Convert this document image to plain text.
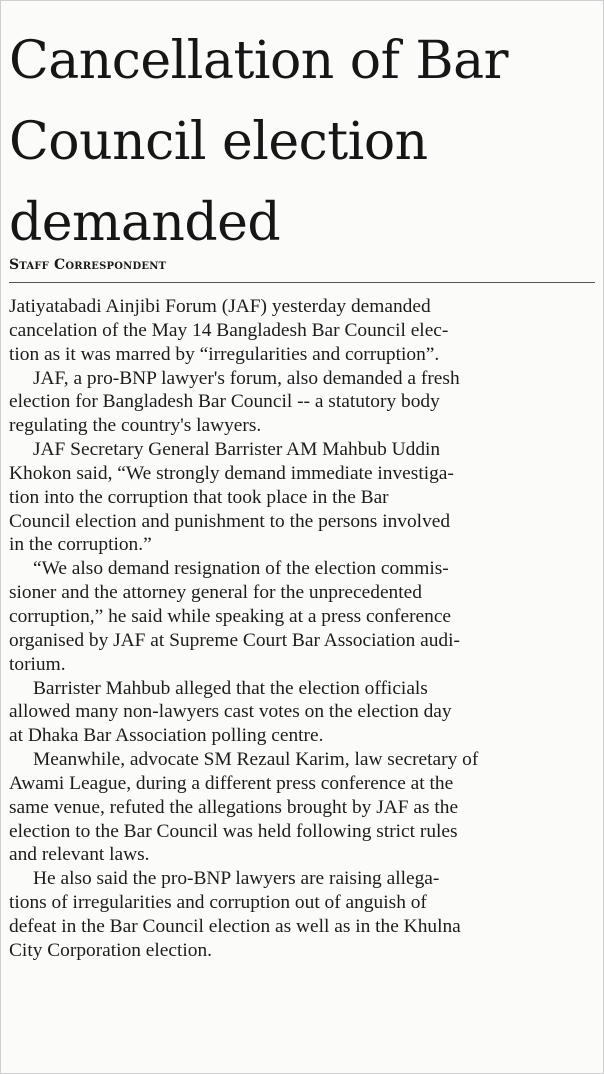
Cancellation of Bar
Council election
demanded
Staff Correspondent

Jatiyatabadi Ainjibi Forum (JAF) yesterday demanded
cancelation of the May 14 Bangladesh Bar Council elec-
tion as it was marred by “irregularities and corruption”.

JAF, a pro-BNP lawyer's forum, also demanded a fresh
election for Bangladesh Bar Council -- a statutory body
regulating the country's lawyers.

JAF Secretary General Barrister AM Mahbub Uddin
Khokon said, “We strongly demand immediate investiga-
tion into the corruption that took place in the Bar
Council election and punishment to the persons involved
in the corruption.”

“We also demand resignation of the election commis-
sioner and the attorney general for the unprecedented
corruption,” he said while speaking at a press conference
organised by JAF at Supreme Court Bar Association audi-
torium.

Barrister Mahbub alleged that the election officials
allowed many non-lawyers cast votes on the election day
at Dhaka Bar Association polling centre.

Meanwhile, advocate SM Rezaul Karim, law secretary of
Awami League, during a different press conference at the
same venue, refuted the allegations brought by JAF as the
election to the Bar Council was held following strict rules
and relevant laws.

He also said the pro-BNP lawyers are raising allega-
tions of irregularities and corruption out of anguish of
defeat in the Bar Council election as well as in the Khulna
City Corporation election.
